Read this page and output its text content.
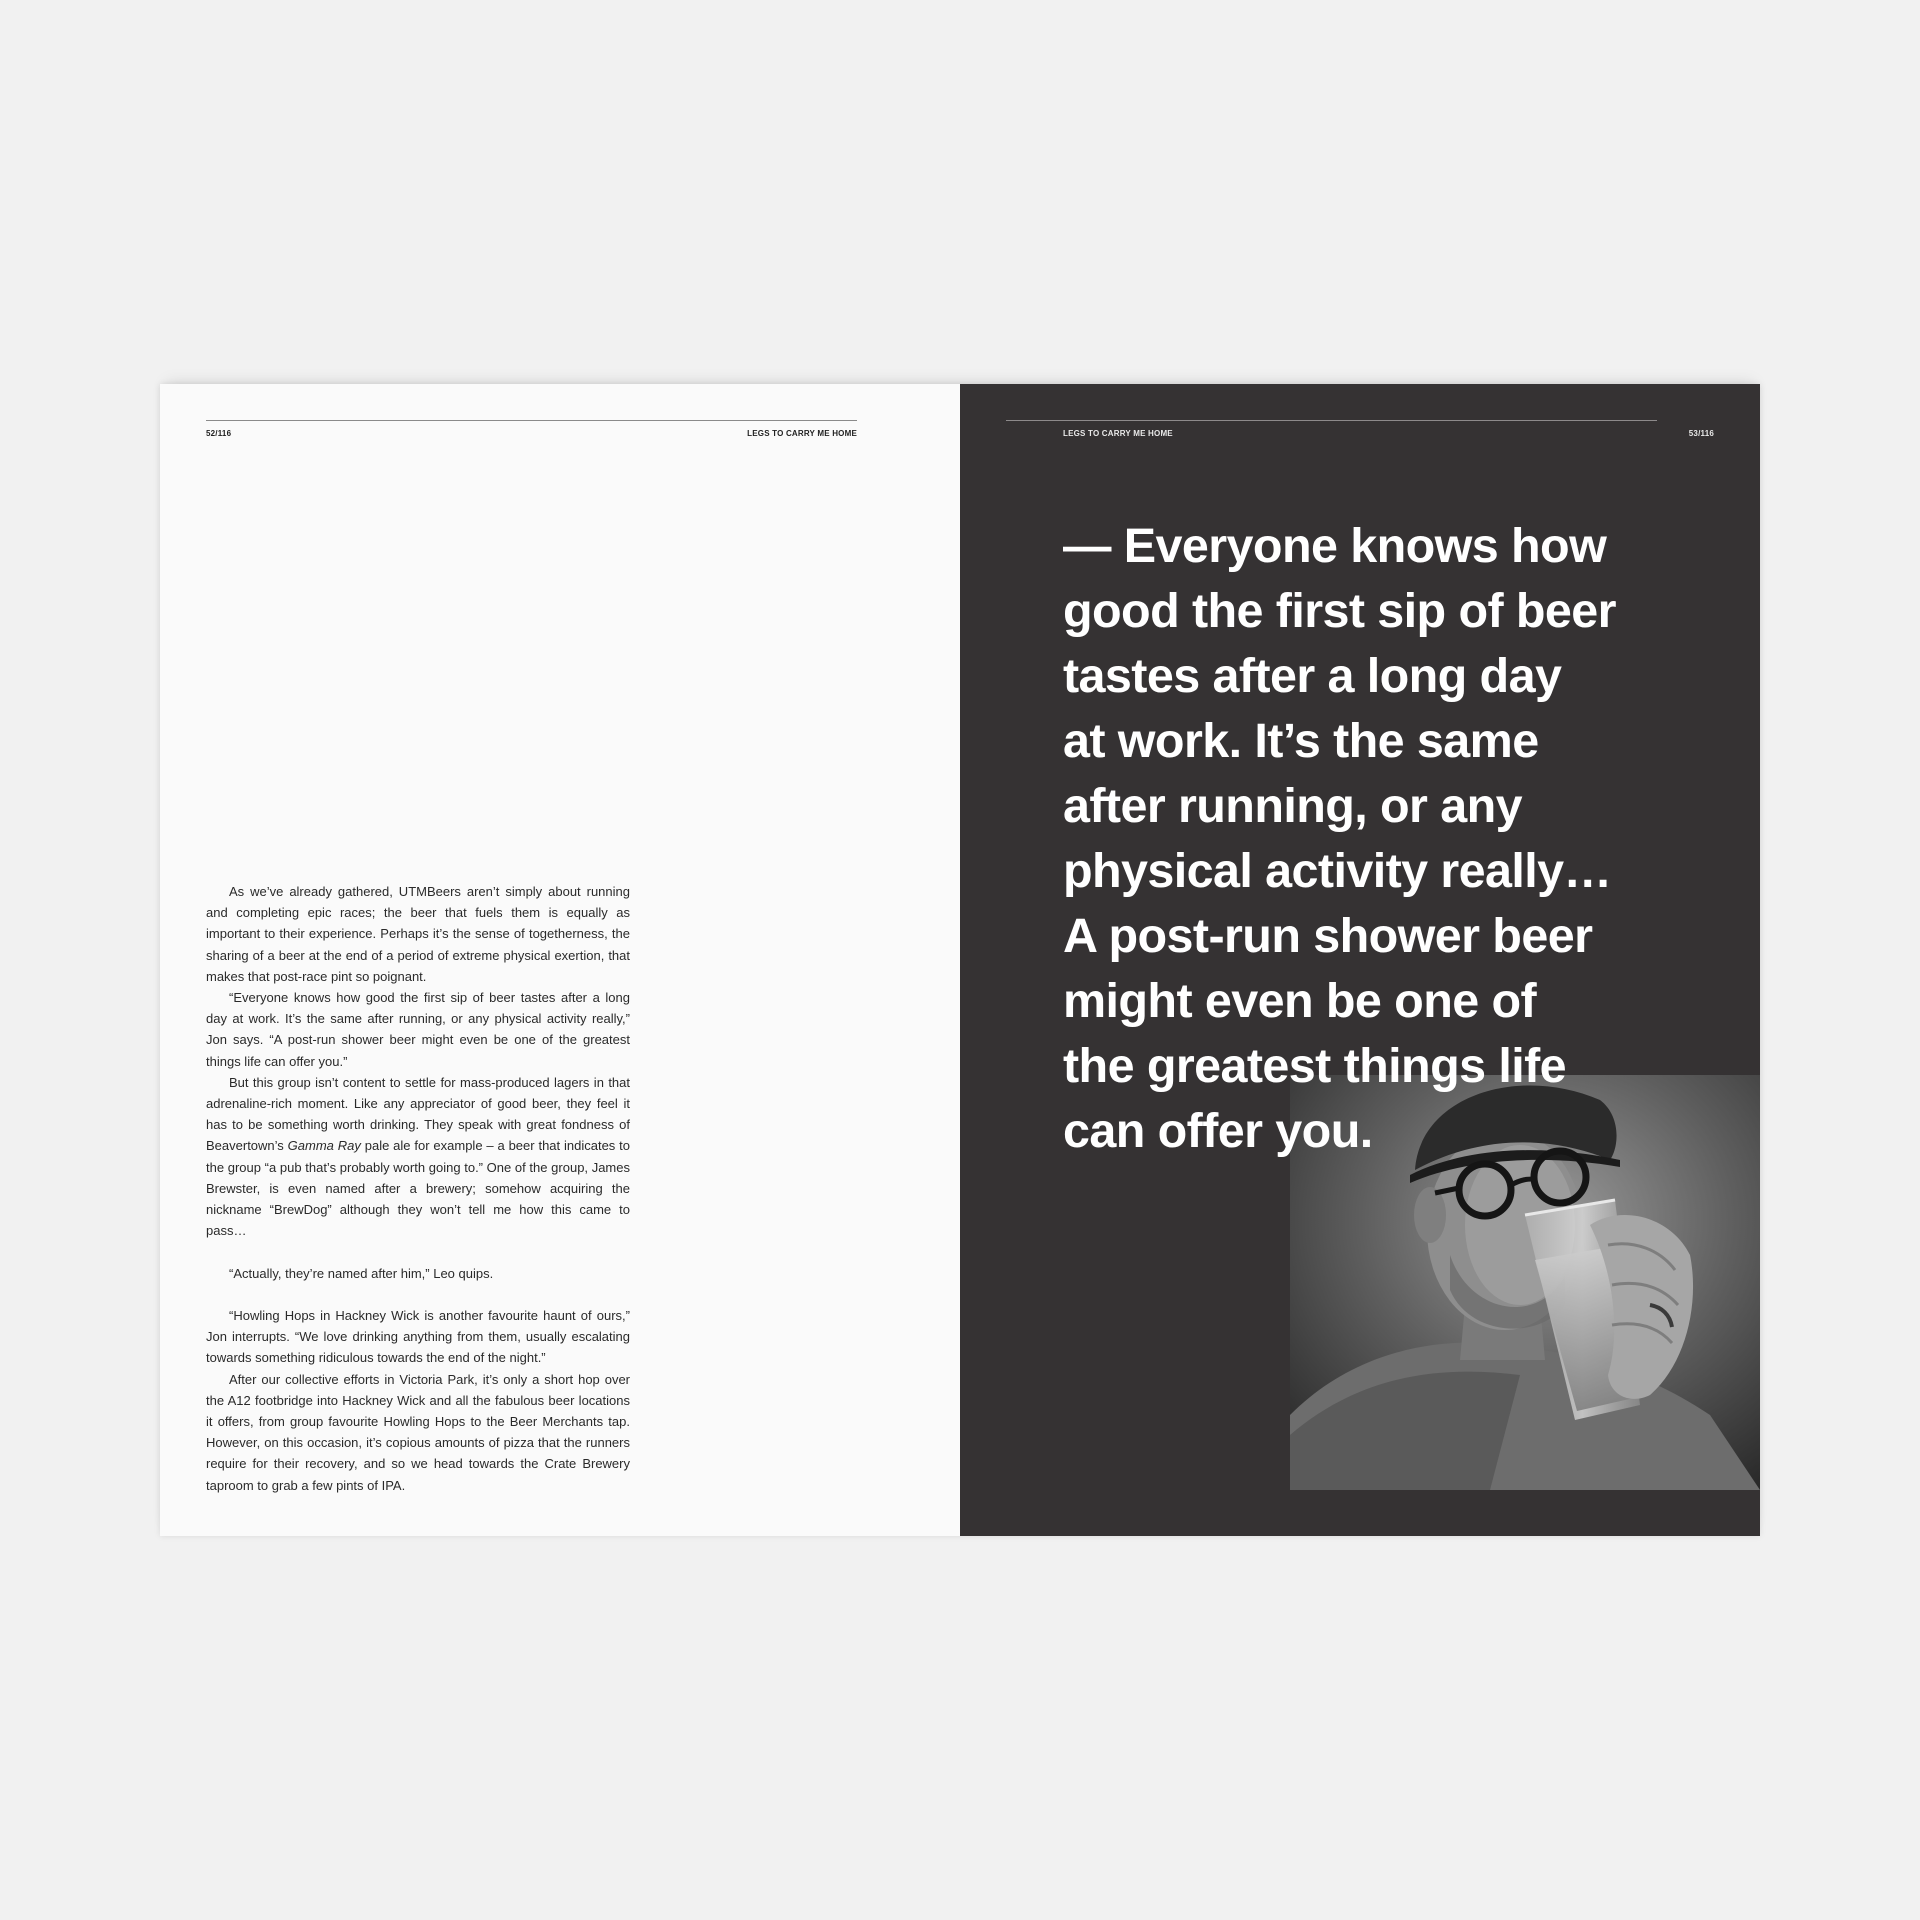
52/116	LEGS TO CARRY ME HOME

As we’ve already gathered, UTMBeers aren’t simply about running and completing epic races; the beer that fuels them is equally as important to their experience. Perhaps it’s the sense of togetherness, the sharing of a beer at the end of a period of extreme physical exertion, that makes that post-race pint so poignant.

“Everyone knows how good the first sip of beer tastes after a long day at work. It’s the same after running, or any physical activity really,” Jon says. “A post-run shower beer might even be one of the greatest things life can offer you.”

But this group isn’t content to settle for mass-produced lagers in that adrenaline-rich moment. Like any appreciator of good beer, they feel it has to be something worth drinking. They speak with great fondness of Beavertown’s Gamma Ray pale ale for example – a beer that indicates to the group “a pub that’s probably worth going to.” One of the group, James Brewster, is even named after a brewery; somehow acquiring the nickname “BrewDog” although they won’t tell me how this came to pass…

“Actually, they’re named after him,” Leo quips.

“Howling Hops in Hackney Wick is another favourite haunt of ours,” Jon interrupts. “We love drinking anything from them, usually escalating towards something ridiculous towards the end of the night.”

After our collective efforts in Victoria Park, it’s only a short hop over the A12 footbridge into Hackney Wick and all the fabulous beer locations it offers, from group favourite Howling Hops to the Beer Merchants tap. However, on this occasion, it’s copious amounts of pizza that the runners require for their recovery, and so we head towards the Crate Brewery taproom to grab a few pints of IPA.

LEGS TO CARRY ME HOME	53/116
— Everyone knows how
good the first sip of beer
tastes after a long day
at work. It’s the same
after running, or any
physical activity really…
A post-run shower beer
might even be one of
the greatest things life
can offer you.
